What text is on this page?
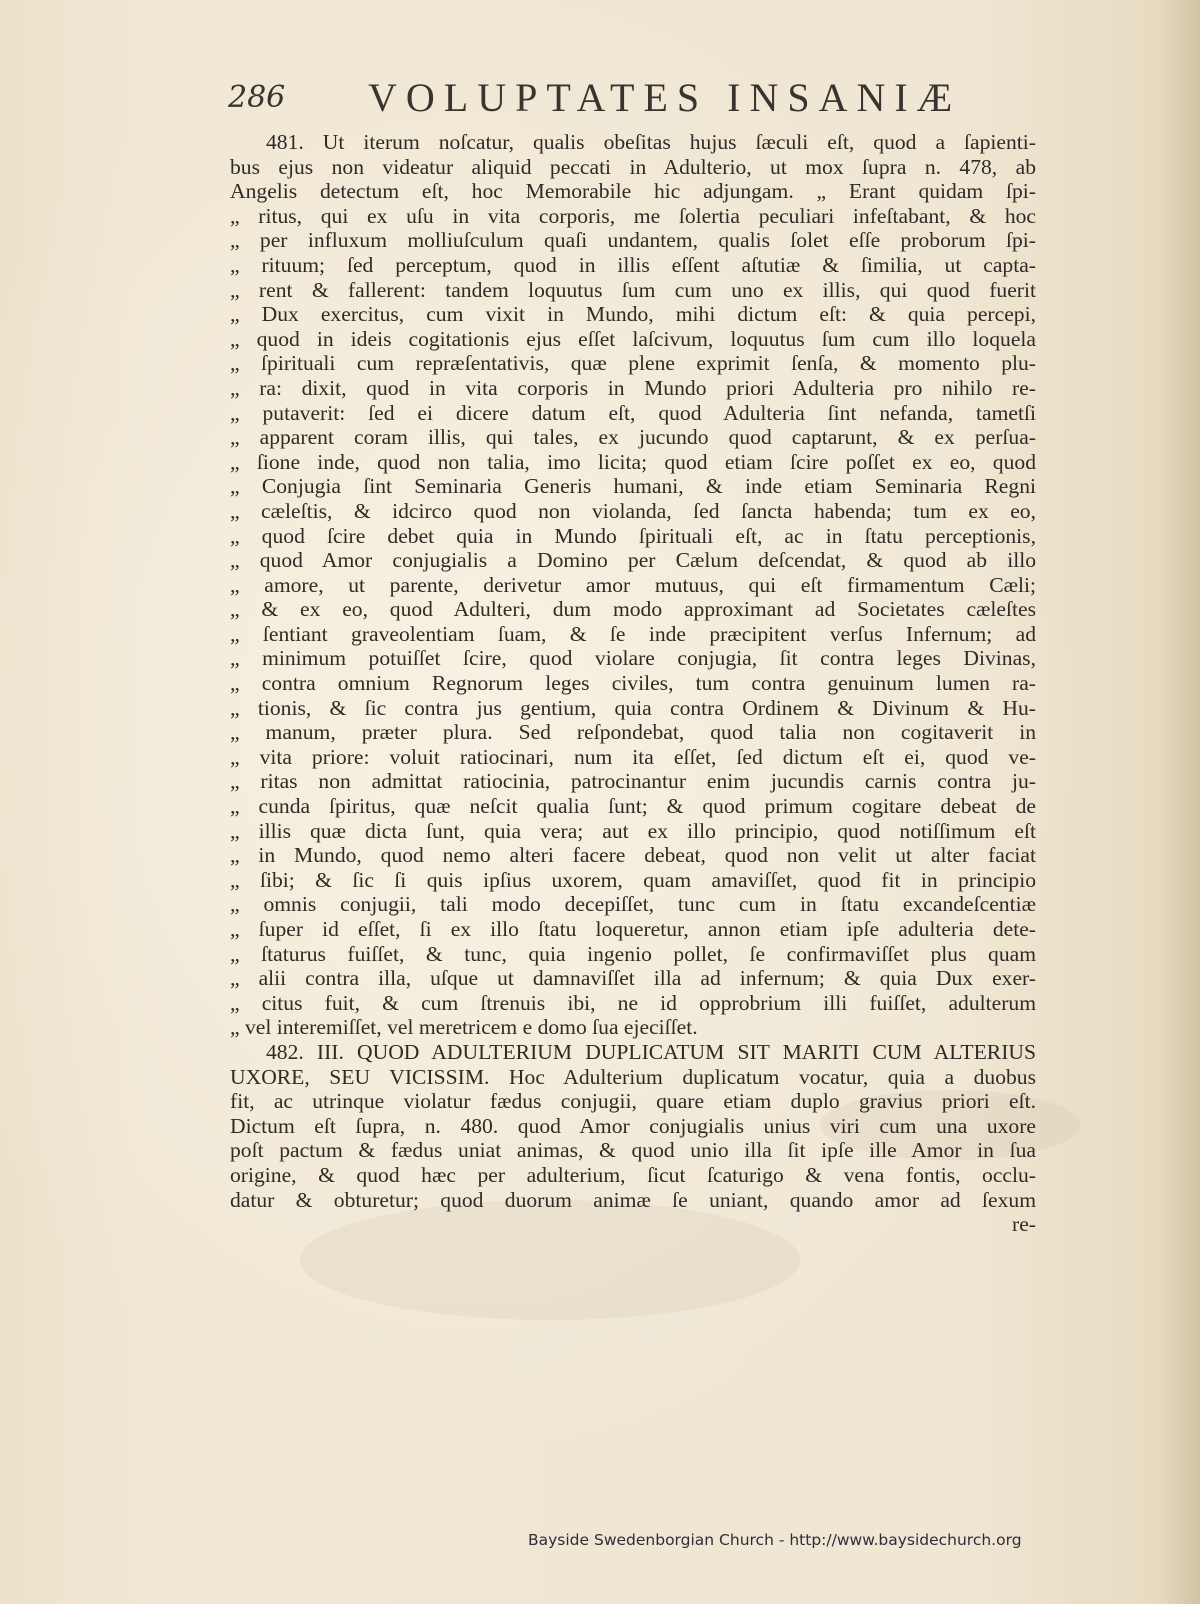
286 VOLUPTATES INSANIÆ
481. Ut iterum noſcatur, qualis obeſitas hujus ſæculi eſt, quod a ſapienti-
bus ejus non videatur aliquid peccati in Adulterio, ut mox ſupra n. 478, ab
Angelis detectum eſt, hoc Memorabile hic adjungam. „ Erant quidam ſpi-
„ ritus, qui ex uſu in vita corporis, me ſolertia peculiari infeſtabant, & hoc
„ per influxum molliuſculum quaſi undantem, qualis ſolet eſſe proborum ſpi-
„ rituum; ſed perceptum, quod in illis eſſent aſtutiæ & ſimilia, ut capta-
„ rent & fallerent: tandem loquutus ſum cum uno ex illis, qui quod fuerit
„ Dux exercitus, cum vixit in Mundo, mihi dictum eſt: & quia percepi,
„ quod in ideis cogitationis ejus eſſet laſcivum, loquutus ſum cum illo loquela
„ ſpirituali cum repræſentativis, quæ plene exprimit ſenſa, & momento plu-
„ ra: dixit, quod in vita corporis in Mundo priori Adulteria pro nihilo re-
„ putaverit: ſed ei dicere datum eſt, quod Adulteria ſint nefanda, tametſi
„ apparent coram illis, qui tales, ex jucundo quod captarunt, & ex perſua-
„ ſione inde, quod non talia, imo licita; quod etiam ſcire poſſet ex eo, quod
„ Conjugia ſint Seminaria Generis humani, & inde etiam Seminaria Regni
„ cæleſtis, & idcirco quod non violanda, ſed ſancta habenda; tum ex eo,
„ quod ſcire debet quia in Mundo ſpirituali eſt, ac in ſtatu perceptionis,
„ quod Amor conjugialis a Domino per Cælum deſcendat, & quod ab illo
„ amore, ut parente, derivetur amor mutuus, qui eſt firmamentum Cæli;
„ & ex eo, quod Adulteri, dum modo approximant ad Societates cæleſtes
„ ſentiant graveolentiam ſuam, & ſe inde præcipitent verſus Infernum; ad
„ minimum potuiſſet ſcire, quod violare conjugia, ſit contra leges Divinas,
„ contra omnium Regnorum leges civiles, tum contra genuinum lumen ra-
„ tionis, & ſic contra jus gentium, quia contra Ordinem & Divinum & Hu-
„ manum, præter plura. Sed reſpondebat, quod talia non cogitaverit in
„ vita priore: voluit ratiocinari, num ita eſſet, ſed dictum eſt ei, quod ve-
„ ritas non admittat ratiocinia, patrocinantur enim jucundis carnis contra ju-
„ cunda ſpiritus, quæ neſcit qualia ſunt; & quod primum cogitare debeat de
„ illis quæ dicta ſunt, quia vera; aut ex illo principio, quod notiſſimum eſt
„ in Mundo, quod nemo alteri facere debeat, quod non velit ut alter faciat
„ ſibi; & ſic ſi quis ipſius uxorem, quam amaviſſet, quod fit in principio
„ omnis conjugii, tali modo decepiſſet, tunc cum in ſtatu excandeſcentiæ
„ ſuper id eſſet, ſi ex illo ſtatu loqueretur, annon etiam ipſe adulteria dete-
„ ſtaturus fuiſſet, & tunc, quia ingenio pollet, ſe confirmaviſſet plus quam
„ alii contra illa, uſque ut damnaviſſet illa ad infernum; & quia Dux exer-
„ citus fuit, & cum ſtrenuis ibi, ne id opprobrium illi fuiſſet, adulterum
„ vel interemiſſet, vel meretricem e domo ſua ejeciſſet.
482. III. QUOD ADULTERIUM DUPLICATUM SIT MARITI CUM ALTERIUS
UXORE, SEU VICISSIM. Hoc Adulterium duplicatum vocatur, quia a duobus
fit, ac utrinque violatur fædus conjugii, quare etiam duplo gravius priori eſt.
Dictum eſt ſupra, n. 480. quod Amor conjugialis unius viri cum una uxore
poſt pactum & fædus uniat animas, & quod unio illa ſit ipſe ille Amor in ſua
origine, & quod hæc per adulterium, ſicut ſcaturigo & vena fontis, occlu-
datur & obturetur; quod duorum animæ ſe uniant, quando amor ad ſexum
re-
Bayside Swedenborgian Church - http://www.baysidechurch.org
